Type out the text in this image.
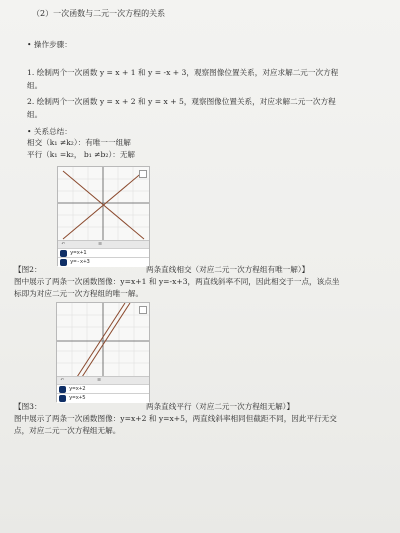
（2）一次函数与二元一次方程的关系
• 操作步骤：
1. 绘制两个一次函数 y = x + 1 和 y = -x + 3，观察图像位置关系，对应求解二元一次方程
组。
2. 绘制两个一次函数 y = x + 2 和 y = x + 5，观察图像位置关系，对应求解二元一次方程
组。
• 关系总结：
相交（k₁ ≠k₂）：有唯一一组解
平行（k₁ =k₂， b₁ ≠b₂）：无解
↶	≡
y=x+1
y=-x+3
【图2：	两条直线相交（对应二元一次方程组有唯一解）】
图中展示了两条一次函数图像：y=x+1 和 y=-x+3，两直线斜率不同，因此相交于一点，该点坐
标即为对应二元一次方程组的唯一解。
↶	≡
y=x+2
y=x+5
【图3：	两条直线平行（对应二元一次方程组无解）】
图中展示了两条一次函数图像：y=x+2 和 y=x+5，两直线斜率相同但截距不同，因此平行无交
点，对应二元一次方程组无解。
